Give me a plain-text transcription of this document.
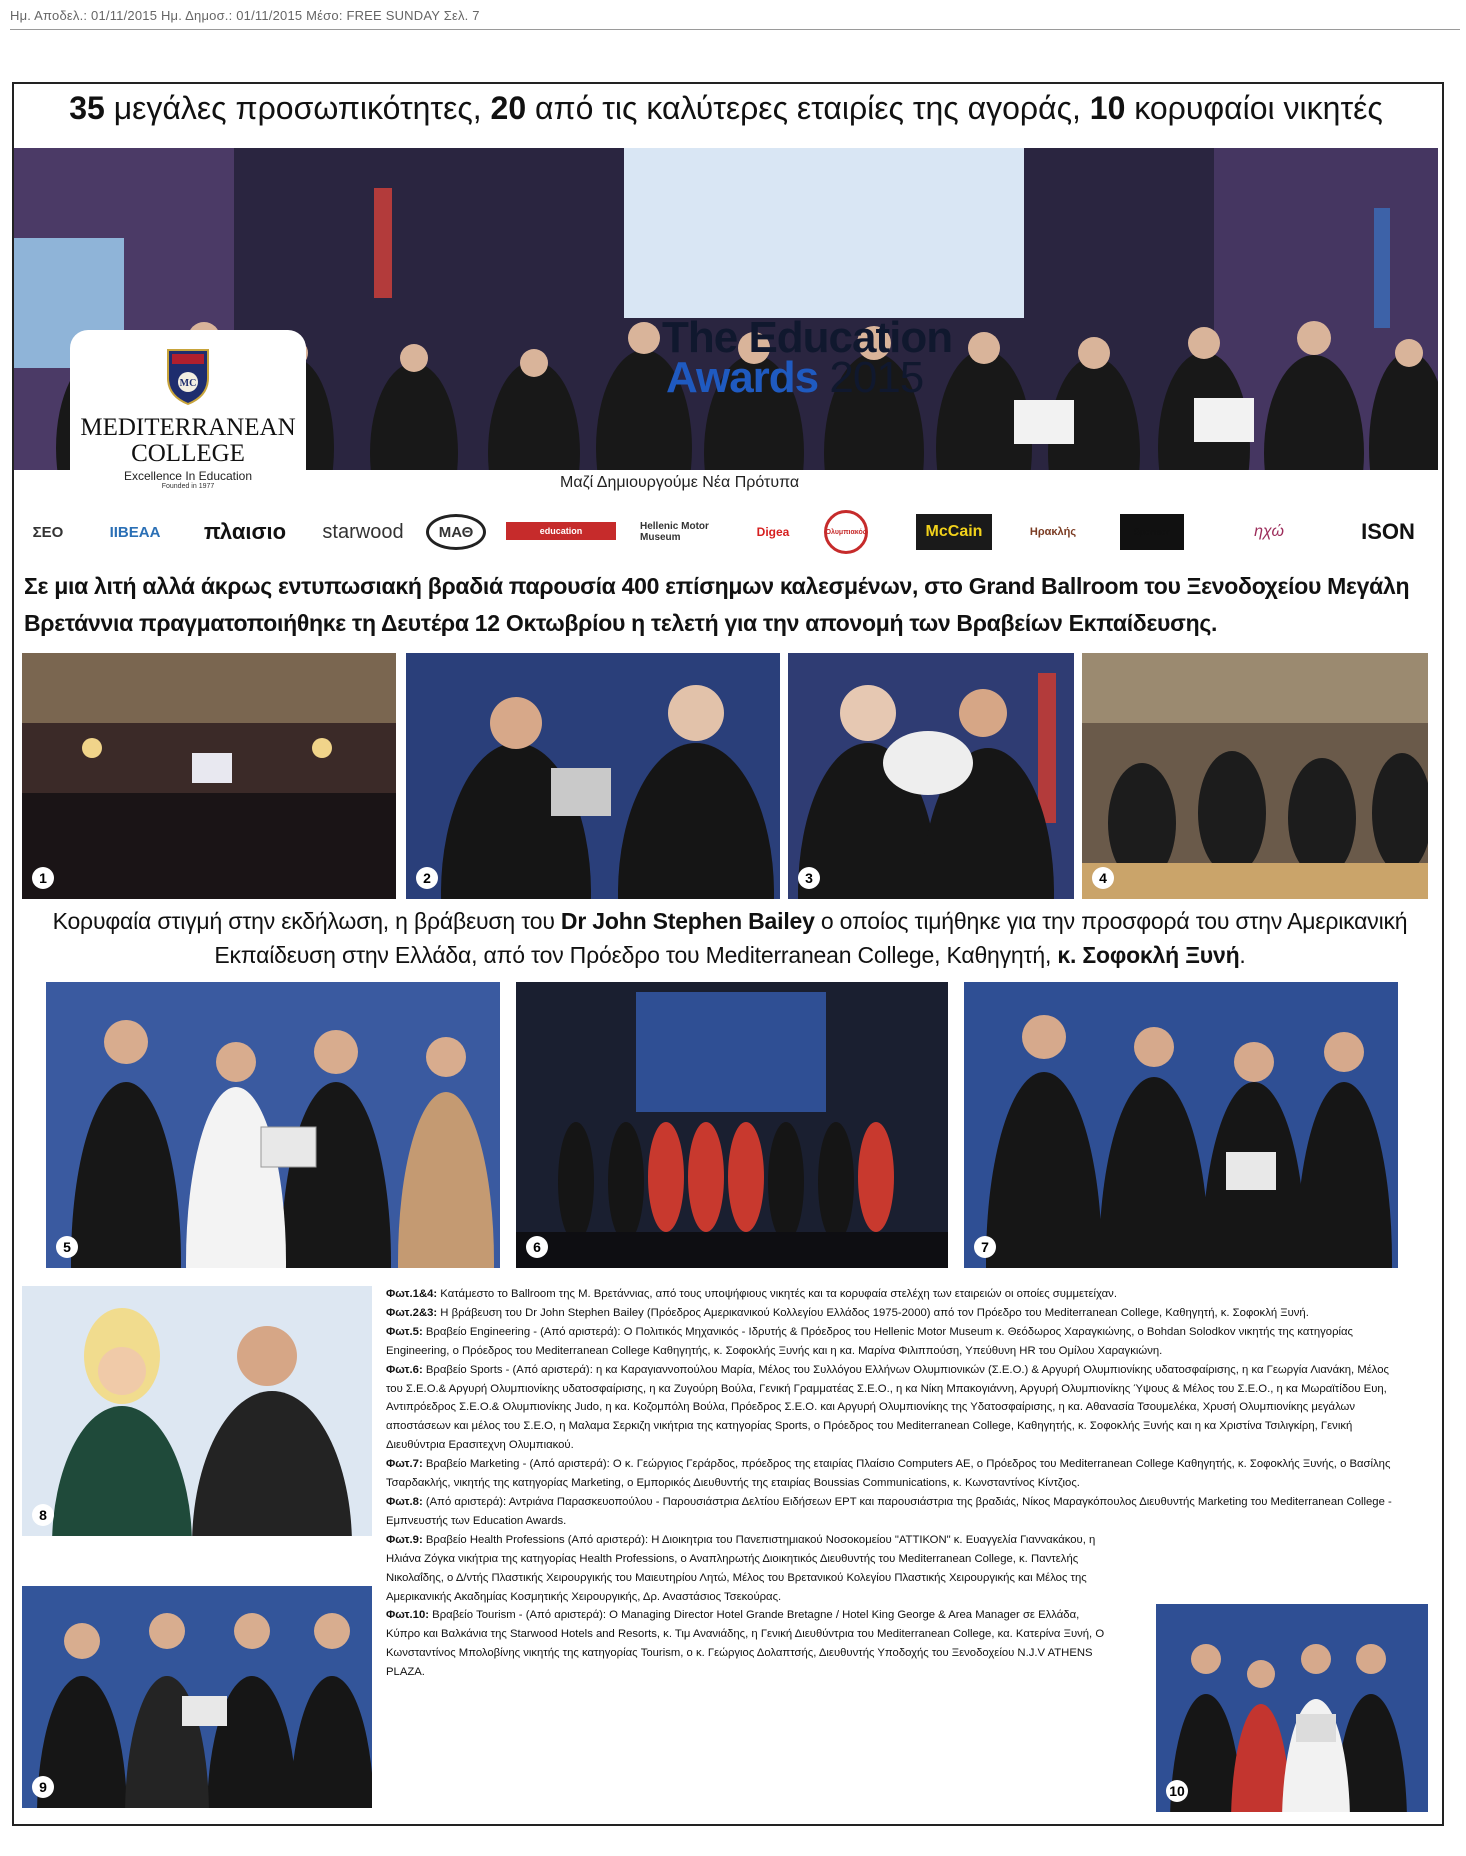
Ημ. Αποδελ.: 01/11/2015 Ημ. Δημοσ.: 01/11/2015 Μέσο: FREE SUNDAY Σελ. 7
35 μεγάλες προσωπικότητες, 20 από τις καλύτερες εταιρίες της αγοράς, 10 κορυφαίοι νικητές
The Education
Awards 2015
MC
MEDITERRANEAN
COLLEGE
Excellence In Education
Founded in 1977	Μαζί Δημιουργούμε Νέα Πρότυπα
ΣΕΟ	IIBEAA	πλαισιο	starwood	ΜΑΘ	education	Hellenic Motor Museum	Digea	Ολυμπιακός	McCain	Ηρακλής	Sponsor	ηχώ	ISON
Σε μια λιτή αλλά άκρως εντυπωσιακή βραδιά παρουσία 400 επίσημων καλεσμένων, στο Grand Ballroom του Ξενοδοχείου Μεγάλη Βρετάννια πραγματοποιήθηκε τη Δευτέρα 12 Οκτωβρίου η τελετή για την απονομή των Βραβείων Εκπαίδευσης.
1	2	3	4
Κορυφαία στιγμή στην εκδήλωση, η βράβευση του Dr John Stephen Bailey ο οποίος τιμήθηκε για την προσφορά του στην Αμερικανική Εκπαίδευση στην Ελλάδα, από τον Πρόεδρο του Mediterranean College, Καθηγητή, κ. Σοφοκλή Ξυνή.
5	6	7
8
9	10
Φωτ.1&4: Κατάμεστο το Ballroom της Μ. Βρετάννιας, από τους υποψήφιους νικητές και τα κορυφαία στελέχη των εταιρειών οι οποίες συμμετείχαν.
Φωτ.2&3: Η βράβευση του Dr John Stephen Bailey (Πρόεδρος Αμερικανικού Κολλεγίου Ελλάδος 1975-2000) από τον Πρόεδρο του Mediterranean College, Καθηγητή, κ. Σοφοκλή Ξυνή.
Φωτ.5: Βραβείο Engineering - (Από αριστερά): Ο Πολιτικός Μηχανικός - Ιδρυτής & Πρόεδρος του Hellenic Motor Museum κ. Θεόδωρος Χαραγκιώνης, ο Bohdan Solodkov νικητής της κατηγορίας Engineering, ο Πρόεδρος του Mediterranean College Καθηγητής, κ. Σοφοκλής Ξυνής και η κα. Μαρίνα Φιλιππούση, Υπεύθυνη HR του Ομίλου Χαραγκιώνη.
Φωτ.6: Βραβείο Sports - (Από αριστερά): η κα Καραγιαννοπούλου Μαρία, Μέλος του Συλλόγου Ελλήνων Ολυμπιονικών (Σ.Ε.Ο.) & Αργυρή Ολυμπιονίκης υδατοσφαίρισης, η κα Γεωργία Λιανάκη, Μέλος του Σ.Ε.Ο.& Αργυρή Ολυμπιονίκης υδατοσφαίρισης, η κα Ζυγούρη Βούλα, Γενική Γραμματέας Σ.Ε.Ο., η κα Νίκη Μπακογιάννη, Αργυρή Ολυμπιονίκης Ύψους & Μέλος του Σ.Ε.Ο., η κα Μωραϊτίδου Ευη, Αντιπρόεδρος Σ.Ε.Ο.& Ολυμπιονίκης Judo, η κα. Κοζομπόλη Βούλα, Πρόεδρος Σ.Ε.Ο. και Αργυρή Ολυμπιονίκης της Υδατοσφαίρισης, η κα. Αθανασία Τσουμελέκα, Χρυσή Ολυμπιονίκης μεγάλων αποστάσεων και μέλος του Σ.Ε.Ο, η Μαλαμα Σερκιζη νικήτρια της κατηγορίας Sports, ο Πρόεδρος του Mediterranean College, Καθηγητής, κ. Σοφοκλής Ξυνής και η κα Χριστίνα Τσιλιγκίρη, Γενική Διευθύντρια Ερασιτεχνη Ολυμπιακού.
Φωτ.7: Βραβείο Marketing - (Από αριστερά): Ο κ. Γεώργιος Γεράρδος, πρόεδρος της εταιρίας Πλαίσιο Computers AE, ο Πρόεδρος του Mediterranean College Καθηγητής, κ. Σοφοκλής Ξυνής, ο Βασίλης Τσαρδακλής, νικητής της κατηγορίας Marketing, ο Εμπορικός Διευθυντής της εταιρίας Boussias Communications, κ. Κωνσταντίνος Κίντζιος.
Φωτ.8: (Από αριστερά): Αντριάνα Παρασκευοπούλου - Παρουσιάστρια Δελτίου Ειδήσεων ΕΡΤ και παρουσιάστρια της βραδιάς, Νίκος Μαραγκόπουλος Διευθυντής Marketing του Mediterranean College - Εμπνευστής των Education Awards.
Φωτ.9: Βραβείο Health Professions (Από αριστερά): Η Διοικητρια του Πανεπιστημιακού Νοσοκομείου "ΑΤΤΙΚΟΝ" κ. Ευαγγελία Γιαννακάκου, η Ηλιάνα Ζόγκα νικήτρια της κατηγορίας Health Professions, ο Αναπληρωτής Διοικητικός Διευθυντής του Mediterranean College, κ. Παντελής Νικολαΐδης, ο Δ/ντής Πλαστικής Χειρουργικής του Μαιευτηρίου Λητώ, Μέλος του Βρετανικού Κολεγίου Πλαστικής Χειρουργικής και Μέλος της Αμερικανικής Ακαδημίας Κοσμητικής Χειρουργικής, Δρ. Αναστάσιος Τσεκούρας.
Φωτ.10: Βραβείο Tourism - (Από αριστερά): Ο Managing Director Hotel Grande Bretagne / Hotel King George & Area Manager σε Ελλάδα, Κύπρο και Βαλκάνια της Starwood Hotels and Resorts, κ. Τιμ Ανανιάδης, η Γενική Διευθύντρια του Mediterranean College, κα. Κατερίνα Ξυνή, Ο Κωνσταντίνος Μπολοβίνης νικητής της κατηγορίας Tourism, ο κ. Γεώργιος Δολαπτσής, Διευθυντής Υποδοχής του Ξενοδοχείου N.J.V ATHENS PLAZA.
